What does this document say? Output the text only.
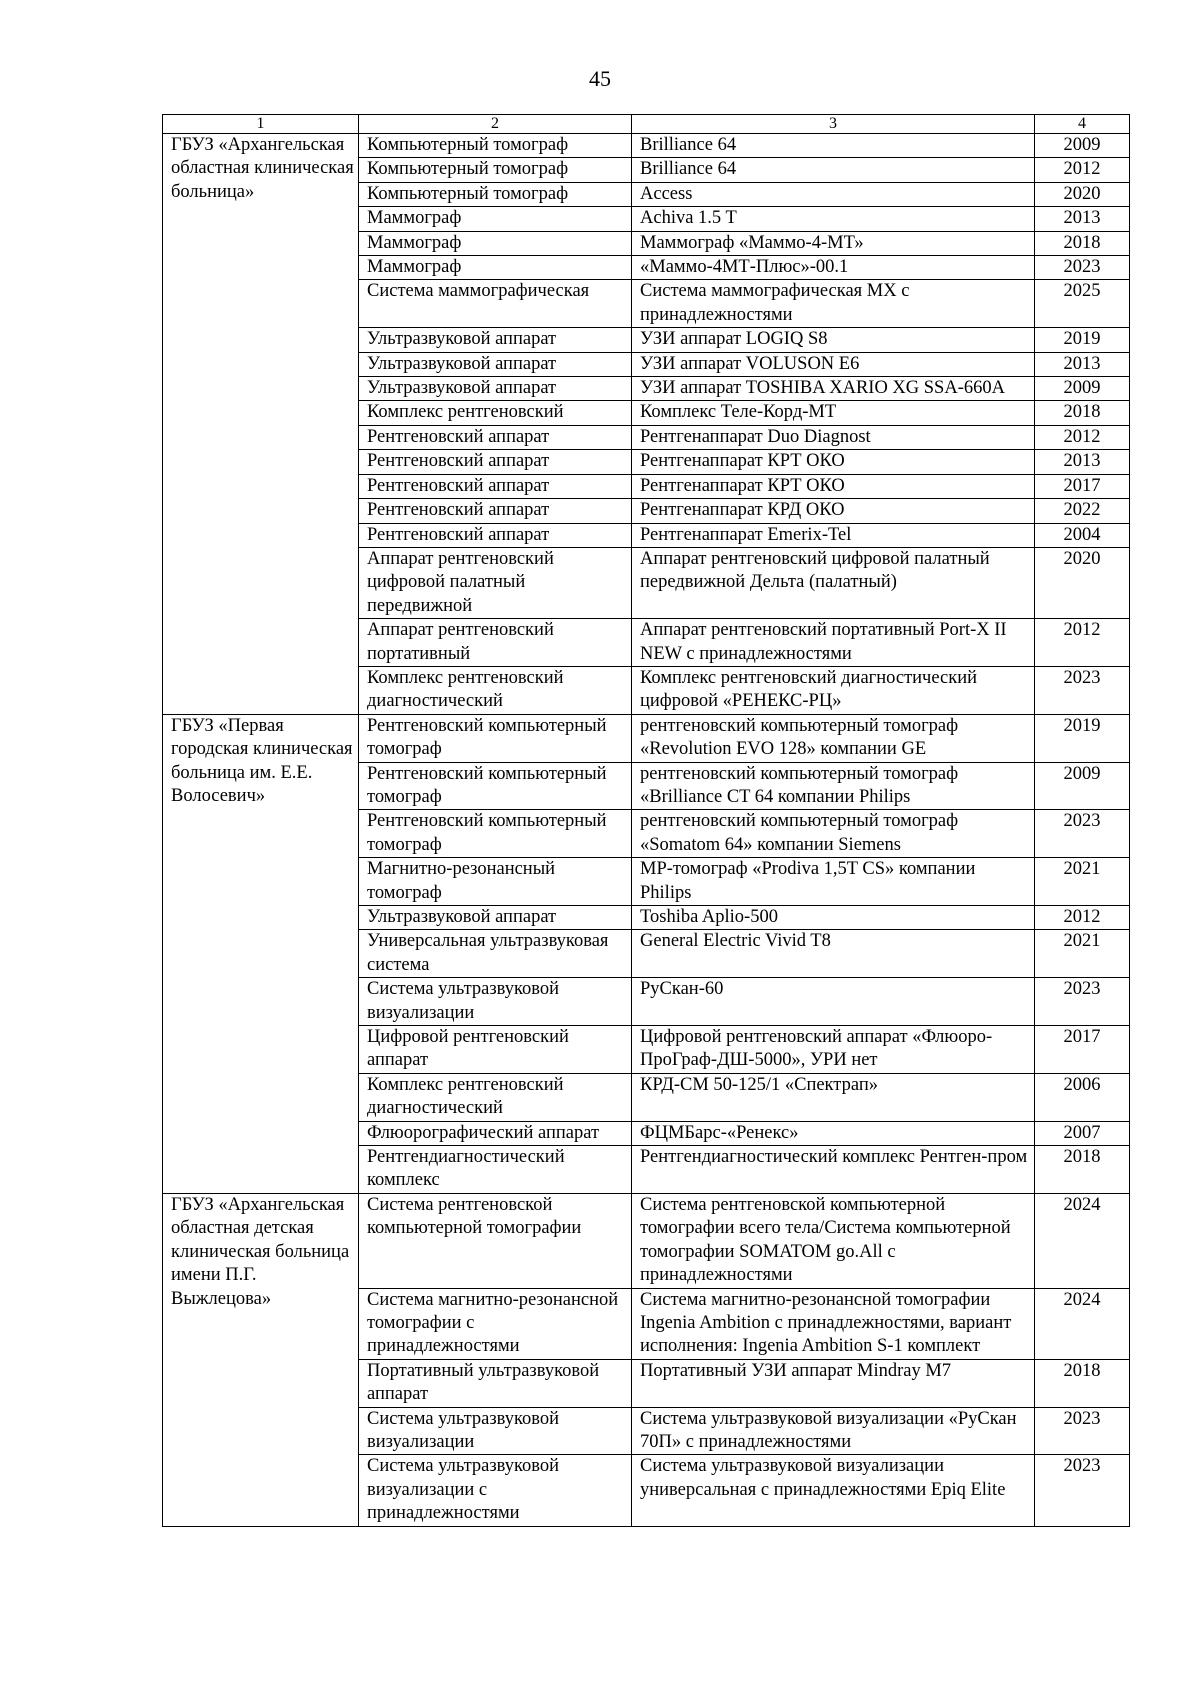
45
1	2	3	4
ГБУЗ «Архангельская областная клиническая больница»	Компьютерный томограф	Brilliance 64	2009
	Компьютерный томограф	Brilliance 64	2012
	Компьютерный томограф	Access	2020
	Маммограф	Achiva 1.5 T	2013
	Маммограф	Маммограф «Маммо-4-МТ»	2018
	Маммограф	«Маммо-4МТ-Плюс»-00.1	2023
	Система маммографическая	Система маммографическая МХ с принадлежностями	2025
	Ультразвуковой аппарат	УЗИ аппарат LOGIQ S8	2019
	Ультразвуковой аппарат	УЗИ аппарат VOLUSON E6	2013
	Ультразвуковой аппарат	УЗИ аппарат TOSHIBA XARIO XG SSA-660A	2009
	Комплекс рентгеновский	Комплекс Теле-Корд-МТ	2018
	Рентгеновский аппарат	Рентгенаппарат Duo Diagnost	2012
	Рентгеновский аппарат	Рентгенаппарат КРТ ОКО	2013
	Рентгеновский аппарат	Рентгенаппарат КРТ ОКО	2017
	Рентгеновский аппарат	Рентгенаппарат КРД ОКО	2022
	Рентгеновский аппарат	Рентгенаппарат Emerix-Tel	2004
	Аппарат рентгеновский цифровой палатный передвижной	Аппарат рентгеновский цифровой палатный передвижной Дельта (палатный)	2020
	Аппарат рентгеновский портативный	Аппарат рентгеновский портативный Port-X II NEW с принадлежностями	2012
	Комплекс рентгеновский диагностический	Комплекс рентгеновский диагностический цифровой «РЕНЕКС-РЦ»	2023
ГБУЗ «Первая городская клиническая больница им. Е.Е. Волосевич»	Рентгеновский компьютерный томограф	рентгеновский компьютерный томограф «Revolution EVO 128» компании GE	2019
	Рентгеновский компьютерный томограф	рентгеновский компьютерный томограф «Brilliance CT 64 компании Philips	2009
	Рентгеновский компьютерный томограф	рентгеновский компьютерный томограф «Somatom 64» компании Siemens	2023
	Магнитно-резонансный томограф	МР-томограф «Prodiva 1,5T CS» компании Philips	2021
	Ультразвуковой аппарат	Toshiba Aplio-500	2012
	Универсальная ультразвуковая система	General Electric Vivid T8	2021
	Система ультразвуковой визуализации	РуСкан-60	2023
	Цифровой рентгеновский аппарат	Цифровой рентгеновский аппарат «Флюоро-ПроГраф-ДШ-5000», УРИ нет	2017
	Комплекс рентгеновский диагностический	КРД-СМ 50-125/1 «Спектрап»	2006
	Флюорографический аппарат	ФЦМБарс-«Ренекс»	2007
	Рентгендиагностический комплекс	Рентгендиагностический комплекс Рентген-пром	2018
ГБУЗ «Архангельская областная детская клиническая больница имени П.Г. Выжлецова»	Система рентгеновской компьютерной томографии	Система рентгеновской компьютерной томографии всего тела/Система компьютерной томографии SOMATOM go.All с принадлежностями	2024
	Система магнитно-резонансной томографии с принадлежностями	Система магнитно-резонансной томографии Ingenia Ambition с принадлежностями, вариант исполнения: Ingenia Ambition S-1 комплект	2024
	Портативный ультразвуковой аппарат	Портативный УЗИ аппарат Mindray M7	2018
	Система ультразвуковой визуализации	Система ультразвуковой визуализации «РуСкан 70П» с принадлежностями	2023
	Система ультразвуковой визуализации с принадлежностями	Система ультразвуковой визуализации универсальная с принадлежностями Epiq Elite	2023
